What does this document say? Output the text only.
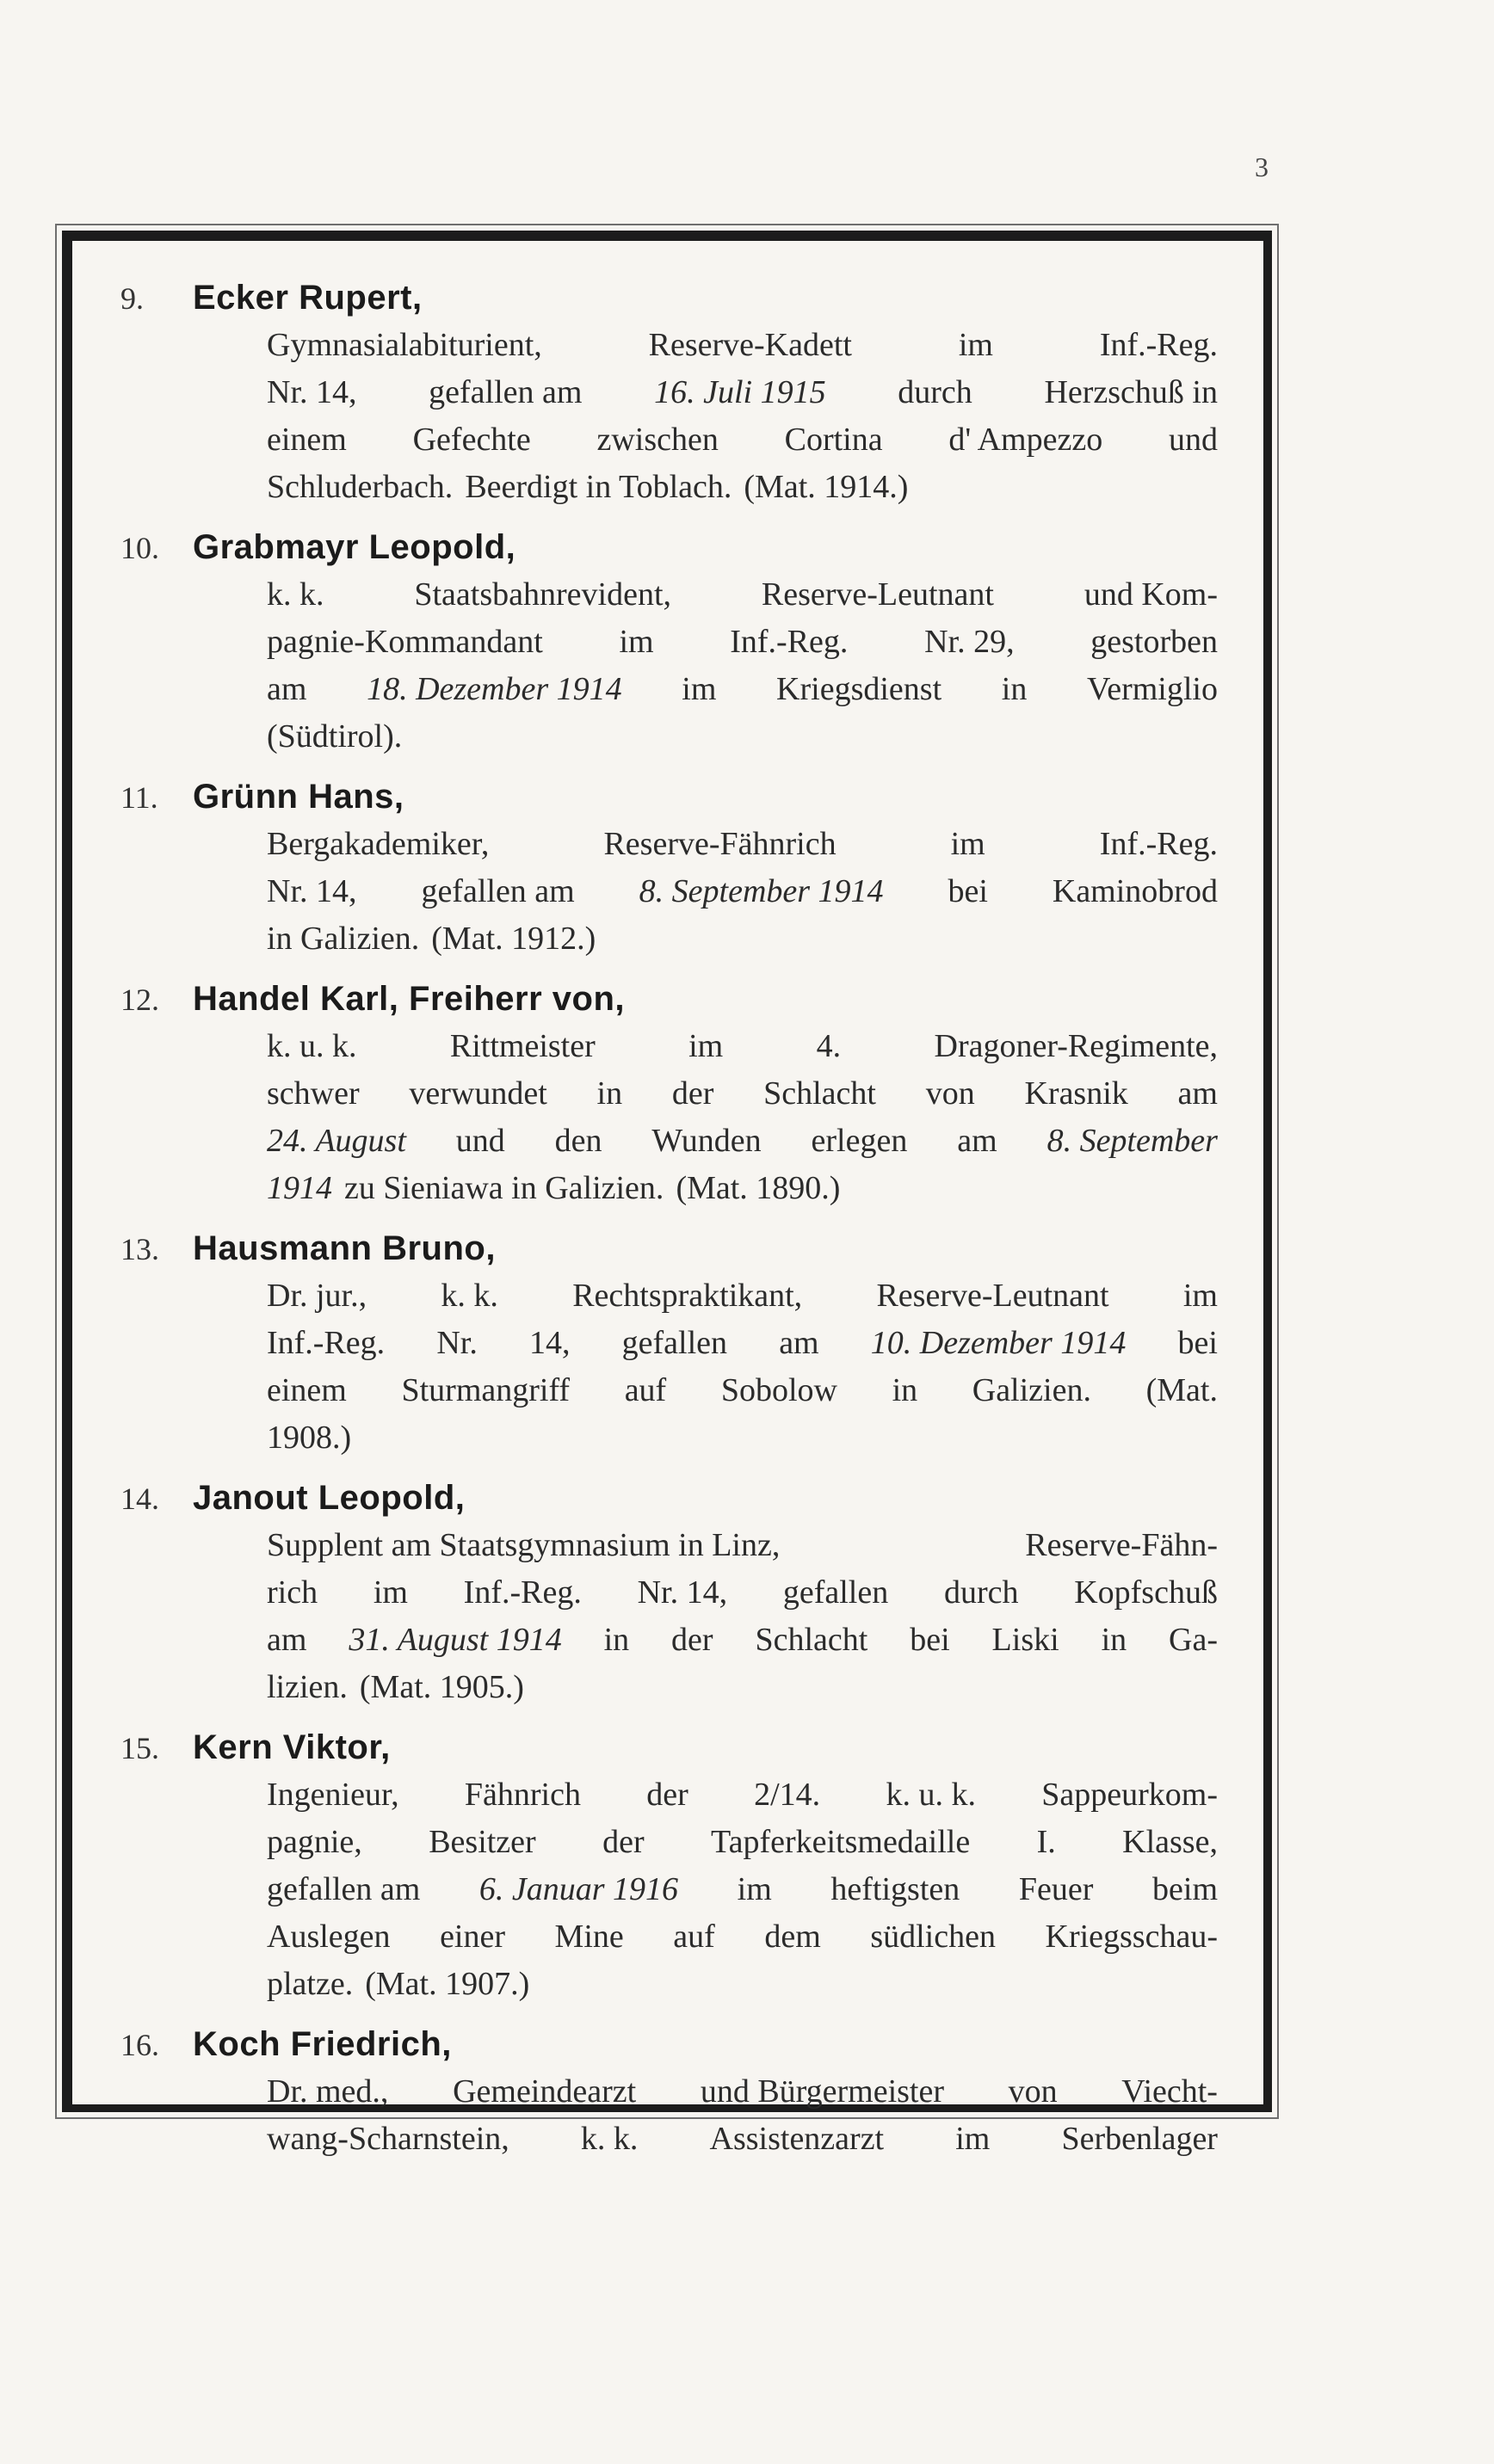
3
9.	Ecker Rupert,
Gymnasialabiturient,	Reserve-Kadett	im	Inf.-Reg.
Nr. 14, gefallen am 16. Juli 1915 durch Herzschuß in
einem Gefechte zwischen Cortina d' Ampezzo und
Schluderbach. Beerdigt in Toblach. (Mat. 1914.)
10. Grabmayr Leopold,
k. k.	Staatsbahnrevident,	Reserve-Leutnant	und Kom-
pagnie-Kommandant im Inf.-Reg. Nr. 29, gestorben
am 18. Dezember 1914 im Kriegsdienst in Vermiglio
(Südtirol).
11.	Grünn Hans,
Bergakademiker,	Reserve-Fähnrich	im	Inf.-Reg.
Nr. 14, gefallen am 8. September 1914 bei Kaminobrod
in Galizien. (Mat. 1912.)
12. Handel Karl, Freiherr von,
k. u. k.	Rittmeister	im	4.	Dragoner-Regimente,
schwer verwundet in der Schlacht von Krasnik am
24. August und den Wunden erlegen am 8. September
1914 zu Sieniawa in Galizien. (Mat. 1890.)
13. Hausmann Bruno,
Dr. jur., k. k. Rechtspraktikant, Reserve-Leutnant im
Inf.-Reg. Nr. 14, gefallen am 10. Dezember 1914 bei
einem Sturmangriff auf Sobolow in Galizien. (Mat.
1908.)
14. Janout Leopold,
Supplent am Staatsgymnasium in Linz,	Reserve-Fähn-
rich im Inf.-Reg. Nr. 14, gefallen durch Kopfschuß
am 31. August 1914 in der Schlacht bei Liski in Ga-
lizien. (Mat. 1905.)
15. Kern Viktor,
Ingenieur, Fähnrich der 2/14. k. u. k. Sappeurkom-
pagnie, Besitzer der Tapferkeitsmedaille I. Klasse,
gefallen am 6. Januar 1916 im heftigsten Feuer beim
Auslegen einer Mine auf dem südlichen Kriegsschau-
platze. (Mat. 1907.)
16. Koch Friedrich,
Dr. med., Gemeindearzt und Bürgermeister von Viecht-
wang-Scharnstein, k. k. Assistenzarzt im Serbenlager
